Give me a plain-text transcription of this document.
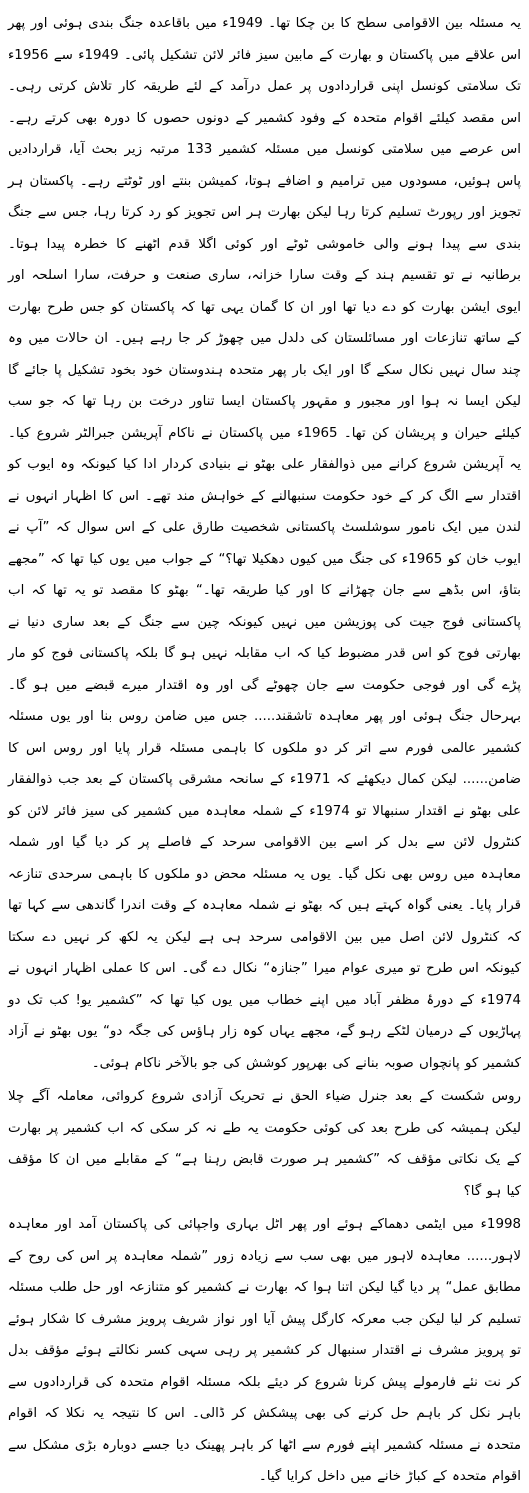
یہ مسئلہ بین الاقوامی سطح کا بن چکا تھا۔ 1949ء میں باقاعدہ جنگ بندی ہوئی اور پھر اس علاقے میں پاکستان و بھارت کے مابین سیز فائر لائن تشکیل پائی۔ 1949ء سے 1956ء تک سلامتی کونسل اپنی قراردادوں پر عمل درآمد کے لئے طریقہ کار تلاش کرتی رہی۔ اس مقصد کیلئے اقوام متحدہ کے وفود کشمیر کے دونوں حصوں کا دورہ بھی کرتے رہے۔ اس عرصے میں سلامتی کونسل میں مسئلہ کشمیر 133 مرتبہ زیر بحث آیا، قراردادیں پاس ہوئیں، مسودوں میں ترامیم و اضافے ہوتا، کمیشن بنتے اور ٹوٹتے رہے۔ پاکستان ہر تجویز اور رپورٹ تسلیم کرتا رہا لیکن بھارت ہر اس تجویز کو رد کرتا رہا، جس سے جنگ بندی سے پیدا ہونے والی خاموشی ٹوٹے اور کوئی اگلا قدم اٹھنے کا خطرہ پیدا ہوتا۔ برطانیہ نے تو تقسیم ہند کے وقت سارا خزانہ، ساری صنعت و حرفت، سارا اسلحہ اور ایوی ایشن بھارت کو دے دیا تھا اور ان کا گمان یہی تھا کہ پاکستان کو جس طرح بھارت کے ساتھ تنازعات اور مسائلستان کی دلدل میں چھوڑ کر جا رہے ہیں۔ ان حالات میں وہ چند سال نہیں نکال سکے گا اور ایک بار پھر متحدہ ہندوستان خود بخود تشکیل پا جائے گا لیکن ایسا نہ ہوا اور مجبور و مقہور پاکستان ایسا تناور درخت بن رہا تھا کہ جو سب کیلئے حیران و پریشان کن تھا۔ 1965ء میں پاکستان نے ناکام آپریشن جبرالٹر شروع کیا۔ یہ آپریشن شروع کرانے میں ذوالفقار علی بھٹو نے بنیادی کردار ادا کیا کیونکہ وہ ایوب کو اقتدار سے الگ کر کے خود حکومت سنبھالنے کے خواہش مند تھے۔ اس کا اظہار انہوں نے لندن میں ایک نامور سوشلسٹ پاکستانی شخصیت طارق علی کے اس سوال کہ ”آپ نے ایوب خان کو 1965ء کی جنگ میں کیوں دھکیلا تھا؟“ کے جواب میں یوں کیا تھا کہ ”مجھے بتاؤ، اس بڈھے سے جان چھڑانے کا اور کیا طریقہ تھا۔“ بھٹو کا مقصد تو یہ تھا کہ اب پاکستانی فوج جیت کی پوزیشن میں نہیں کیونکہ چین سے جنگ کے بعد ساری دنیا نے بھارتی فوج کو اس قدر مضبوط کیا کہ اب مقابلہ نہیں ہو گا بلکہ پاکستانی فوج کو مار پڑے گی اور فوجی حکومت سے جان چھوٹے گی اور وہ اقتدار میرے قبضے میں ہو گا۔ بہرحال جنگ ہوئی اور پھر معاہدہ تاشقند..... جس میں ضامن روس بنا اور یوں مسئلہ کشمیر عالمی فورم سے اتر کر دو ملکوں کا باہمی مسئلہ قرار پایا اور روس اس کا ضامن...... لیکن کمال دیکھئے کہ 1971ء کے سانحہ مشرقی پاکستان کے بعد جب ذوالفقار علی بھٹو نے اقتدار سنبھالا تو 1974ء کے شملہ معاہدہ میں کشمیر کی سیز فائر لائن کو کنٹرول لائن سے بدل کر اسے بین الاقوامی سرحد کے فاصلے پر کر دیا گیا اور شملہ معاہدہ میں روس بھی نکل گیا۔ یوں یہ مسئلہ محض دو ملکوں کا باہمی سرحدی تنازعہ قرار پایا۔ یعنی گواہ کہتے ہیں کہ بھٹو نے شملہ معاہدہ کے وقت اندرا گاندھی سے کہا تھا کہ کنٹرول لائن اصل میں بین الاقوامی سرحد ہی ہے لیکن یہ لکھ کر نہیں دے سکتا کیونکہ اس طرح تو میری عوام میرا ”جنازہ“ نکال دے گی۔ اس کا عملی اظہار انہوں نے 1974ء کے دورۂ مظفر آباد میں اپنے خطاب میں یوں کیا تھا کہ ”کشمیر یو! کب تک دو پہاڑیوں کے درمیان لٹکے رہو گے، مجھے یہاں کوہ زار ہاؤس کی جگہ دو“ یوں بھٹو نے آزاد کشمیر کو پانچواں صوبہ بنانے کی بھرپور کوشش کی جو بالآخر ناکام ہوئی۔

روس شکست کے بعد جنرل ضیاء الحق نے تحریک آزادی شروع کروائی، معاملہ آگے چلا لیکن ہمیشہ کی طرح بعد کی کوئی حکومت یہ طے نہ کر سکی کہ اب کشمیر پر بھارت کے یک نکاتی مؤقف کہ ”کشمیر ہر صورت قابض رہنا ہے“ کے مقابلے میں ان کا مؤقف کیا ہو گا؟

1998ء میں ایٹمی دھماکے ہوئے اور پھر اٹل بہاری واجپائی کی پاکستان آمد اور معاہدہ لاہور...... معاہدہ لاہور میں بھی سب سے زیادہ زور ”شملہ معاہدہ پر اس کی روح کے مطابق عمل“ پر دیا گیا لیکن اتنا ہوا کہ بھارت نے کشمیر کو متنازعہ اور حل طلب مسئلہ تسلیم کر لیا لیکن جب معرکہ کارگل پیش آیا اور نواز شریف پرویز مشرف کا شکار ہوئے تو پرویز مشرف نے اقتدار سنبھال کر کشمیر پر رہی سہی کسر نکالتے ہوئے مؤقف بدل کر نت نئے فارمولے پیش کرنا شروع کر دیئے بلکہ مسئلہ اقوام متحدہ کی قراردادوں سے باہر نکل کر باہم حل کرنے کی بھی پیشکش کر ڈالی۔ اس کا نتیجہ یہ نکلا کہ اقوام متحدہ نے مسئلہ کشمیر اپنے فورم سے اٹھا کر باہر پھینک دیا جسے دوبارہ بڑی مشکل سے اقوام متحدہ کے کباڑ خانے میں داخل کرایا گیا۔
